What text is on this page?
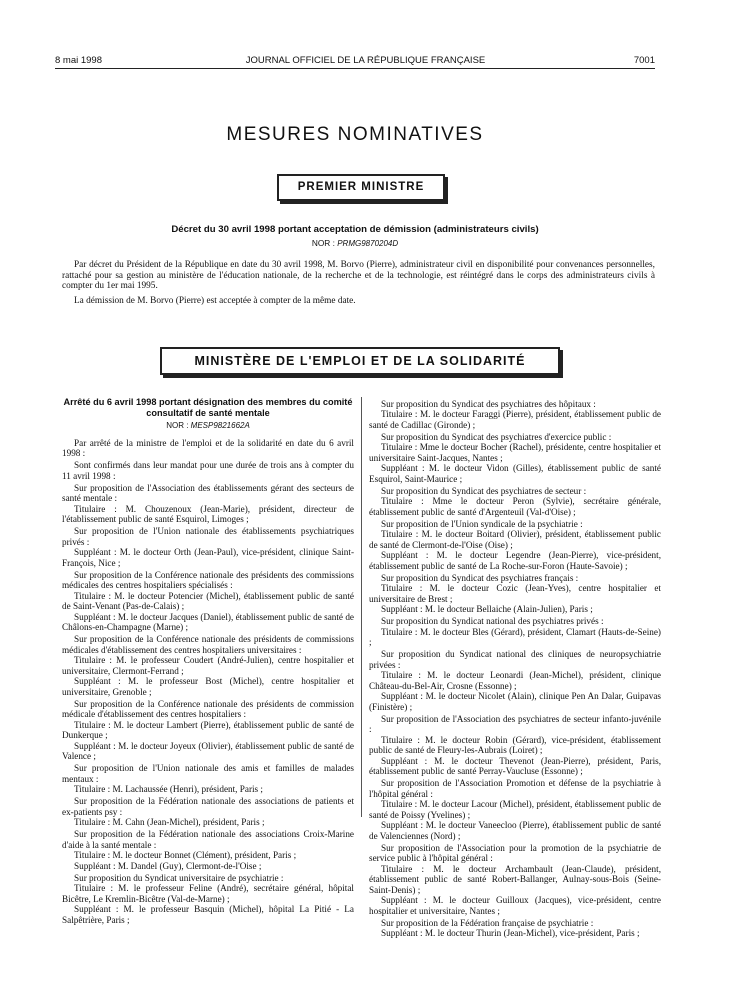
8 mai 1998	JOURNAL OFFICIEL DE LA RÉPUBLIQUE FRANÇAISE	7001
MESURES NOMINATIVES
PREMIER MINISTRE
Décret du 30 avril 1998 portant acceptation de démission (administrateurs civils)
NOR : PRMG9870204D

Par décret du Président de la République en date du 30 avril 1998, M. Borvo (Pierre), administrateur civil en disponibilité pour convenances personnelles, rattaché pour sa gestion au ministère de l'éducation nationale, de la recherche et de la technologie, est réintégré dans le corps des administrateurs civils à compter du 1er mai 1995.

La démission de M. Borvo (Pierre) est acceptée à compter de la même date.

MINISTÈRE DE L'EMPLOI ET DE LA SOLIDARITÉ
Arrêté du 6 avril 1998 portant désignation des membres du comité consultatif de santé mentale
NOR : MESP9821662A

Par arrêté de la ministre de l'emploi et de la solidarité en date du 6 avril 1998 :

Sont confirmés dans leur mandat pour une durée de trois ans à compter du 11 avril 1998 :

Sur proposition de l'Association des établissements gérant des secteurs de santé mentale :

Titulaire : M. Chouzenoux (Jean-Marie), président, directeur de l'établissement public de santé Esquirol, Limoges ;

Sur proposition de l'Union nationale des établissements psychiatriques privés :

Suppléant : M. le docteur Orth (Jean-Paul), vice-président, clinique Saint-François, Nice ;

Sur proposition de la Conférence nationale des présidents des commissions médicales des centres hospitaliers spécialisés :

Titulaire : M. le docteur Potencier (Michel), établissement public de santé de Saint-Venant (Pas-de-Calais) ;

Suppléant : M. le docteur Jacques (Daniel), établissement public de santé de Châlons-en-Champagne (Marne) ;

Sur proposition de la Conférence nationale des présidents de commissions médicales d'établissement des centres hospitaliers universitaires :

Titulaire : M. le professeur Coudert (André-Julien), centre hospitalier et universitaire, Clermont-Ferrand ;

Suppléant : M. le professeur Bost (Michel), centre hospitalier et universitaire, Grenoble ;

Sur proposition de la Conférence nationale des présidents de commission médicale d'établissement des centres hospitaliers :

Titulaire : M. le docteur Lambert (Pierre), établissement public de santé de Dunkerque ;

Suppléant : M. le docteur Joyeux (Olivier), établissement public de santé de Valence ;

Sur proposition de l'Union nationale des amis et familles de malades mentaux :

Titulaire : M. Lachaussée (Henri), président, Paris ;

Sur proposition de la Fédération nationale des associations de patients et ex-patients psy :

Titulaire : M. Cahn (Jean-Michel), président, Paris ;

Sur proposition de la Fédération nationale des associations Croix-Marine d'aide à la santé mentale :

Titulaire : M. le docteur Bonnet (Clément), président, Paris ;

Suppléant : M. Dandel (Guy), Clermont-de-l'Oise ;

Sur proposition du Syndicat universitaire de psychiatrie :

Titulaire : M. le professeur Feline (André), secrétaire général, hôpital Bicêtre, Le Kremlin-Bicêtre (Val-de-Marne) ;

Suppléant : M. le professeur Basquin (Michel), hôpital La Pitié - La Salpêtrière, Paris ;

Sur proposition du Syndicat des psychiatres des hôpitaux :

Titulaire : M. le docteur Faraggi (Pierre), président, établissement public de santé de Cadillac (Gironde) ;

Sur proposition du Syndicat des psychiatres d'exercice public :

Titulaire : Mme le docteur Bocher (Rachel), présidente, centre hospitalier et universitaire Saint-Jacques, Nantes ;

Suppléant : M. le docteur Vidon (Gilles), établissement public de santé Esquirol, Saint-Maurice ;

Sur proposition du Syndicat des psychiatres de secteur :

Titulaire : Mme le docteur Peron (Sylvie), secrétaire générale, établissement public de santé d'Argenteuil (Val-d'Oise) ;

Sur proposition de l'Union syndicale de la psychiatrie :

Titulaire : M. le docteur Boitard (Olivier), président, établissement public de santé de Clermont-de-l'Oise (Oise) ;

Suppléant : M. le docteur Legendre (Jean-Pierre), vice-président, établissement public de santé de La Roche-sur-Foron (Haute-Savoie) ;

Sur proposition du Syndicat des psychiatres français :

Titulaire : M. le docteur Cozic (Jean-Yves), centre hospitalier et universitaire de Brest ;

Suppléant : M. le docteur Bellaiche (Alain-Julien), Paris ;

Sur proposition du Syndicat national des psychiatres privés :

Titulaire : M. le docteur Bles (Gérard), président, Clamart (Hauts-de-Seine) ;

Sur proposition du Syndicat national des cliniques de neuropsychiatrie privées :

Titulaire : M. le docteur Leonardi (Jean-Michel), président, clinique Château-du-Bel-Air, Crosne (Essonne) ;

Suppléant : M. le docteur Nicolet (Alain), clinique Pen An Dalar, Guipavas (Finistère) ;

Sur proposition de l'Association des psychiatres de secteur infanto-juvénile :

Titulaire : M. le docteur Robin (Gérard), vice-président, établissement public de santé de Fleury-les-Aubrais (Loiret) ;

Suppléant : M. le docteur Thevenot (Jean-Pierre), président, Paris, établissement public de santé Perray-Vaucluse (Essonne) ;

Sur proposition de l'Association Promotion et défense de la psychiatrie à l'hôpital général :

Titulaire : M. le docteur Lacour (Michel), président, établissement public de santé de Poissy (Yvelines) ;

Suppléant : M. le docteur Vaneecloo (Pierre), établissement public de santé de Valenciennes (Nord) ;

Sur proposition de l'Association pour la promotion de la psychiatrie de service public à l'hôpital général :

Titulaire : M. le docteur Archambault (Jean-Claude), président, établissement public de santé Robert-Ballanger, Aulnay-sous-Bois (Seine-Saint-Denis) ;

Suppléant : M. le docteur Guilloux (Jacques), vice-président, centre hospitalier et universitaire, Nantes ;

Sur proposition de la Fédération française de psychiatrie :

Suppléant : M. le docteur Thurin (Jean-Michel), vice-président, Paris ;
